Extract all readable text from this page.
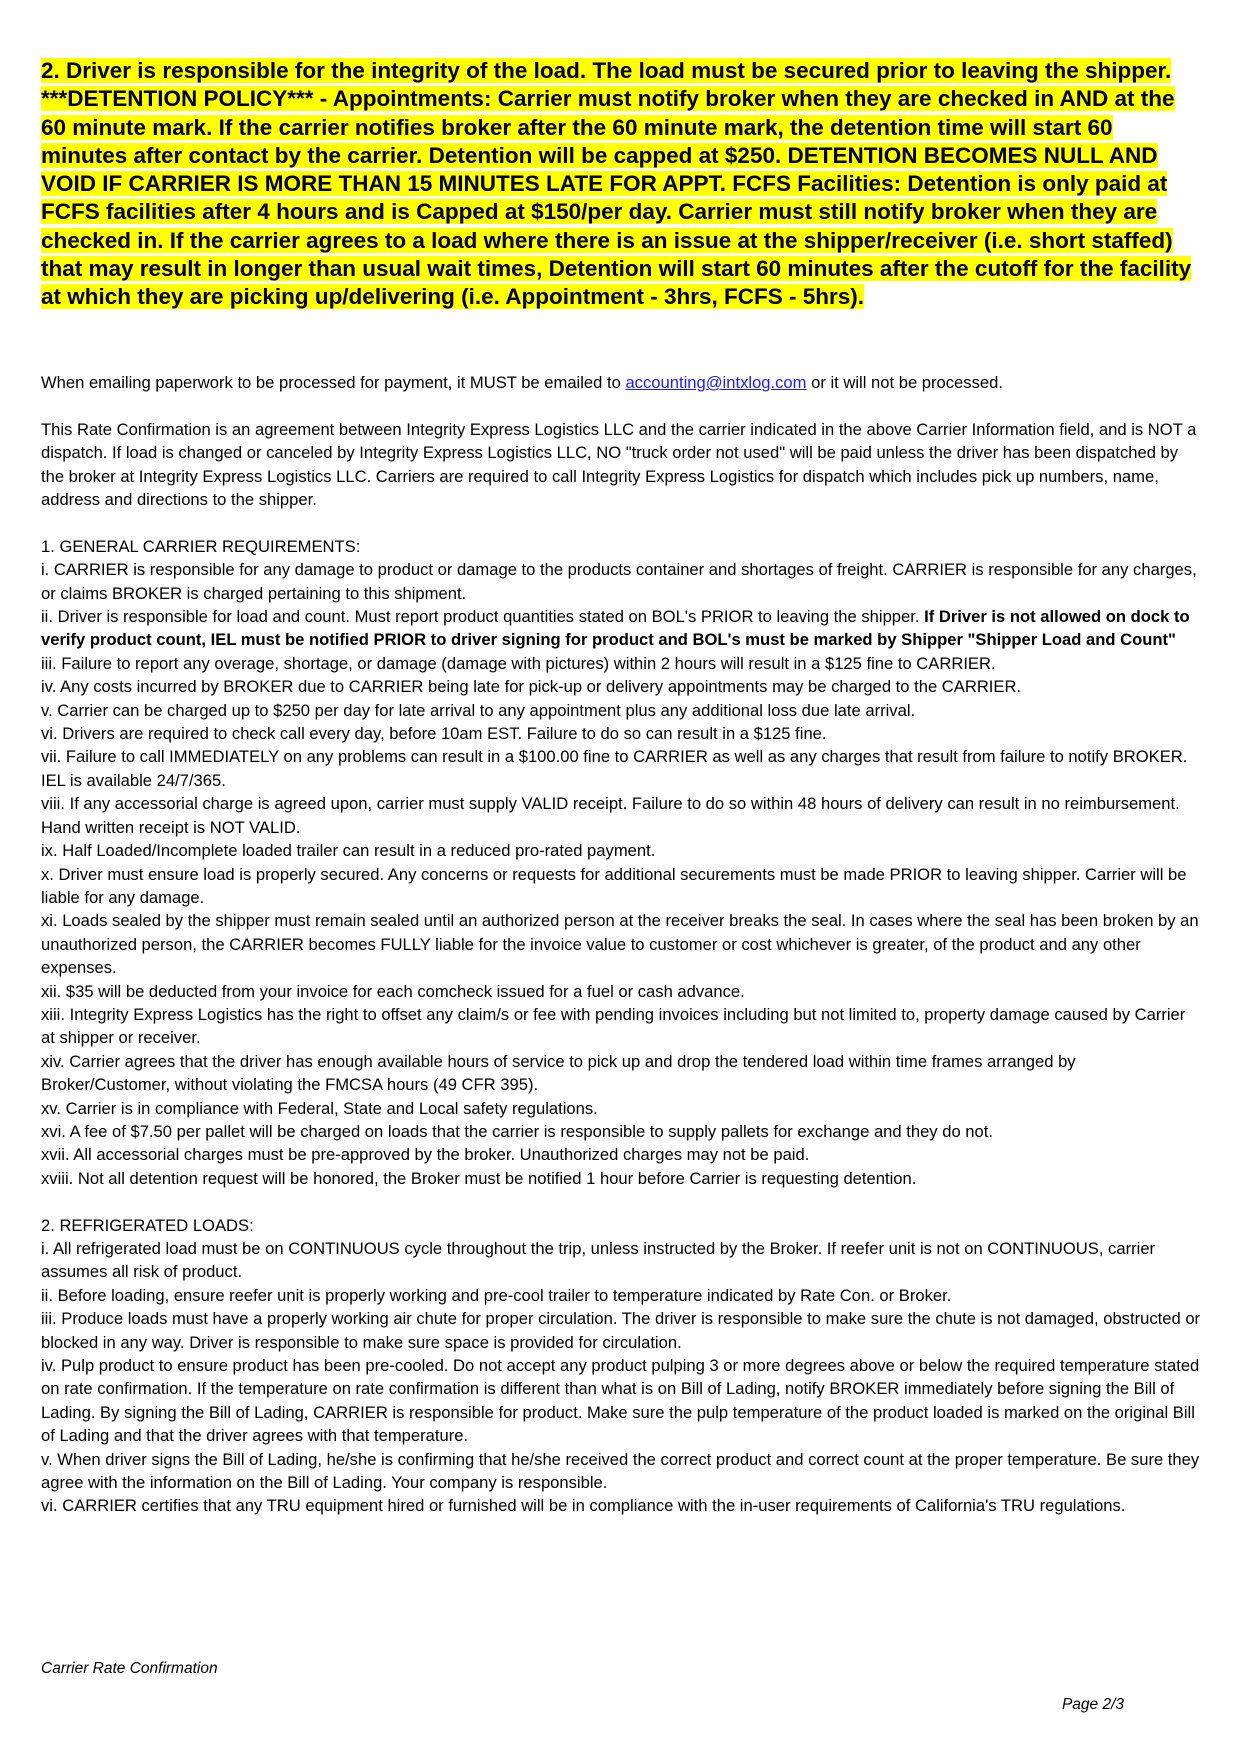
2. Driver is responsible for the integrity of the load. The load must be secured prior to leaving the shipper. ***DETENTION POLICY*** - Appointments: Carrier must notify broker when they are checked in AND at the 60 minute mark. If the carrier notifies broker after the 60 minute mark, the detention time will start 60 minutes after contact by the carrier. Detention will be capped at $250. DETENTION BECOMES NULL AND VOID IF CARRIER IS MORE THAN 15 MINUTES LATE FOR APPT. FCFS Facilities: Detention is only paid at FCFS facilities after 4 hours and is Capped at $150/per day. Carrier must still notify broker when they are checked in. If the carrier agrees to a load where there is an issue at the shipper/receiver (i.e. short staffed) that may result in longer than usual wait times, Detention will start 60 minutes after the cutoff for the facility at which they are picking up/delivering (i.e. Appointment - 3hrs, FCFS - 5hrs).

When emailing paperwork to be processed for payment, it MUST be emailed to accounting@intxlog.com or it will not be processed.

This Rate Confirmation is an agreement between Integrity Express Logistics LLC and the carrier indicated in the above Carrier Information field, and is NOT a dispatch. If load is changed or canceled by Integrity Express Logistics LLC, NO "truck order not used" will be paid unless the driver has been dispatched by the broker at Integrity Express Logistics LLC. Carriers are required to call Integrity Express Logistics for dispatch which includes pick up numbers, name, address and directions to the shipper.

1. GENERAL CARRIER REQUIREMENTS:

i. CARRIER is responsible for any damage to product or damage to the products container and shortages of freight. CARRIER is responsible for any charges, or claims BROKER is charged pertaining to this shipment.

ii. Driver is responsible for load and count. Must report product quantities stated on BOL's PRIOR to leaving the shipper. If Driver is not allowed on dock to verify product count, IEL must be notified PRIOR to driver signing for product and BOL's must be marked by Shipper "Shipper Load and Count"

iii. Failure to report any overage, shortage, or damage (damage with pictures) within 2 hours will result in a $125 fine to CARRIER.

iv. Any costs incurred by BROKER due to CARRIER being late for pick-up or delivery appointments may be charged to the CARRIER.

v. Carrier can be charged up to $250 per day for late arrival to any appointment plus any additional loss due late arrival.

vi. Drivers are required to check call every day, before 10am EST. Failure to do so can result in a $125 fine.

vii. Failure to call IMMEDIATELY on any problems can result in a $100.00 fine to CARRIER as well as any charges that result from failure to notify BROKER. IEL is available 24/7/365.

viii. If any accessorial charge is agreed upon, carrier must supply VALID receipt. Failure to do so within 48 hours of delivery can result in no reimbursement. Hand written receipt is NOT VALID.

ix. Half Loaded/Incomplete loaded trailer can result in a reduced pro-rated payment.

x. Driver must ensure load is properly secured. Any concerns or requests for additional securements must be made PRIOR to leaving shipper. Carrier will be liable for any damage.

xi. Loads sealed by the shipper must remain sealed until an authorized person at the receiver breaks the seal. In cases where the seal has been broken by an unauthorized person, the CARRIER becomes FULLY liable for the invoice value to customer or cost whichever is greater, of the product and any other expenses.

xii. $35 will be deducted from your invoice for each comcheck issued for a fuel or cash advance.

xiii. Integrity Express Logistics has the right to offset any claim/s or fee with pending invoices including but not limited to, property damage caused by Carrier at shipper or receiver.

xiv. Carrier agrees that the driver has enough available hours of service to pick up and drop the tendered load within time frames arranged by Broker/Customer, without violating the FMCSA hours (49 CFR 395).

xv. Carrier is in compliance with Federal, State and Local safety regulations.

xvi. A fee of $7.50 per pallet will be charged on loads that the carrier is responsible to supply pallets for exchange and they do not.

xvii. All accessorial charges must be pre-approved by the broker. Unauthorized charges may not be paid.

xviii. Not all detention request will be honored, the Broker must be notified 1 hour before Carrier is requesting detention.

2. REFRIGERATED LOADS:

i. All refrigerated load must be on CONTINUOUS cycle throughout the trip, unless instructed by the Broker. If reefer unit is not on CONTINUOUS, carrier assumes all risk of product.

ii. Before loading, ensure reefer unit is properly working and pre-cool trailer to temperature indicated by Rate Con. or Broker.

iii. Produce loads must have a properly working air chute for proper circulation. The driver is responsible to make sure the chute is not damaged, obstructed or blocked in any way. Driver is responsible to make sure space is provided for circulation.

iv. Pulp product to ensure product has been pre-cooled. Do not accept any product pulping 3 or more degrees above or below the required temperature stated on rate confirmation. If the temperature on rate confirmation is different than what is on Bill of Lading, notify BROKER immediately before signing the Bill of Lading. By signing the Bill of Lading, CARRIER is responsible for product. Make sure the pulp temperature of the product loaded is marked on the original Bill of Lading and that the driver agrees with that temperature.

v. When driver signs the Bill of Lading, he/she is confirming that he/she received the correct product and correct count at the proper temperature. Be sure they agree with the information on the Bill of Lading. Your company is responsible.

vi. CARRIER certifies that any TRU equipment hired or furnished will be in compliance with the in-user requirements of California's TRU regulations.

Carrier Rate Confirmation
Page 2/3
